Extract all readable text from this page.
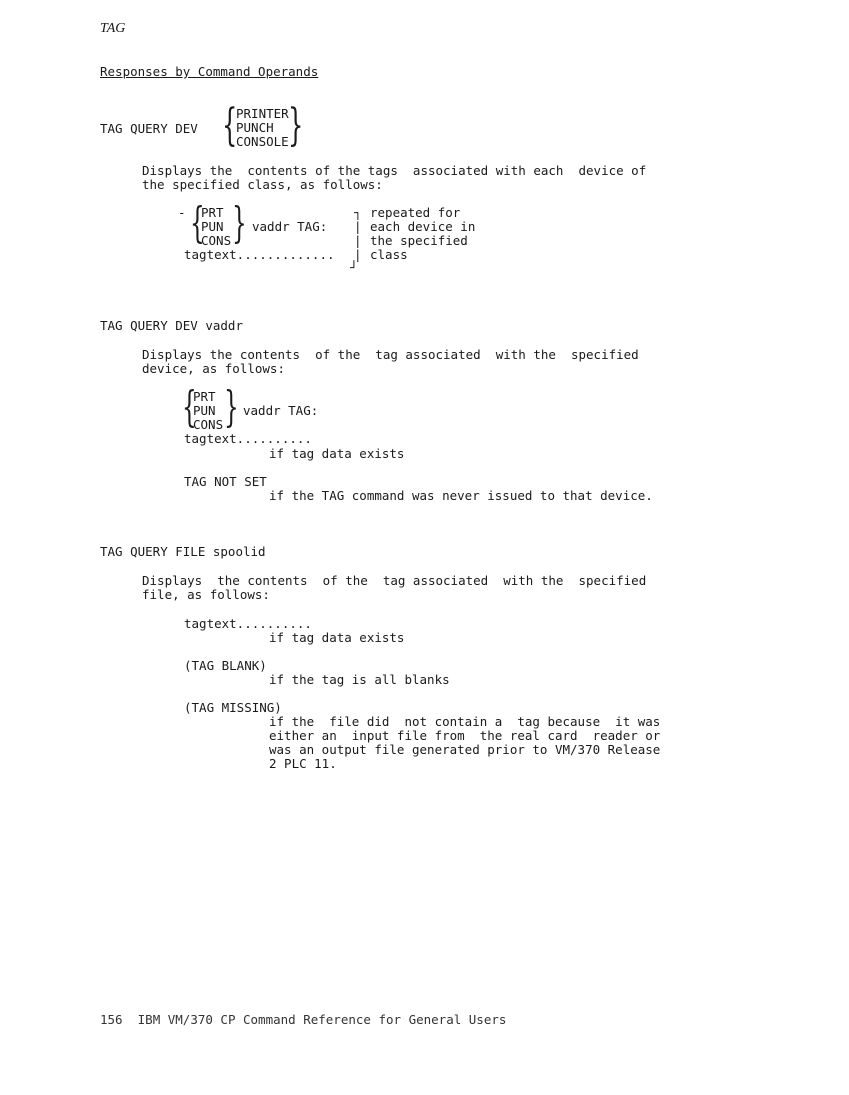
TAG
Responses by Command Operands
TAG QUERY DEV {
PRINTER
PUNCH
CONSOLE }
Displays the  contents of the tags  associated with each  device of
the specified class, as follows:
- {
PRT
PUN
CONS } vaddr TAG:
tagtext.............
┐
|
|
|
┘
repeated for
each device in
the specified
class
TAG QUERY DEV vaddr
Displays the contents  of the  tag associated  with the  specified
device, as follows:
{
PRT
PUN
CONS } vaddr TAG:
tagtext..........
if tag data exists
TAG NOT SET
if the TAG command was never issued to that device.
TAG QUERY FILE spoolid
Displays  the contents  of the  tag associated  with the  specified
file, as follows:
tagtext..........
if tag data exists
(TAG BLANK)
if the tag is all blanks
(TAG MISSING)
if the  file did  not contain a  tag because  it was
either an  input file from  the real card  reader or
was an output file generated prior to VM/370 Release
2 PLC 11.
156 IBM VM/370 CP Command Reference for General Users
